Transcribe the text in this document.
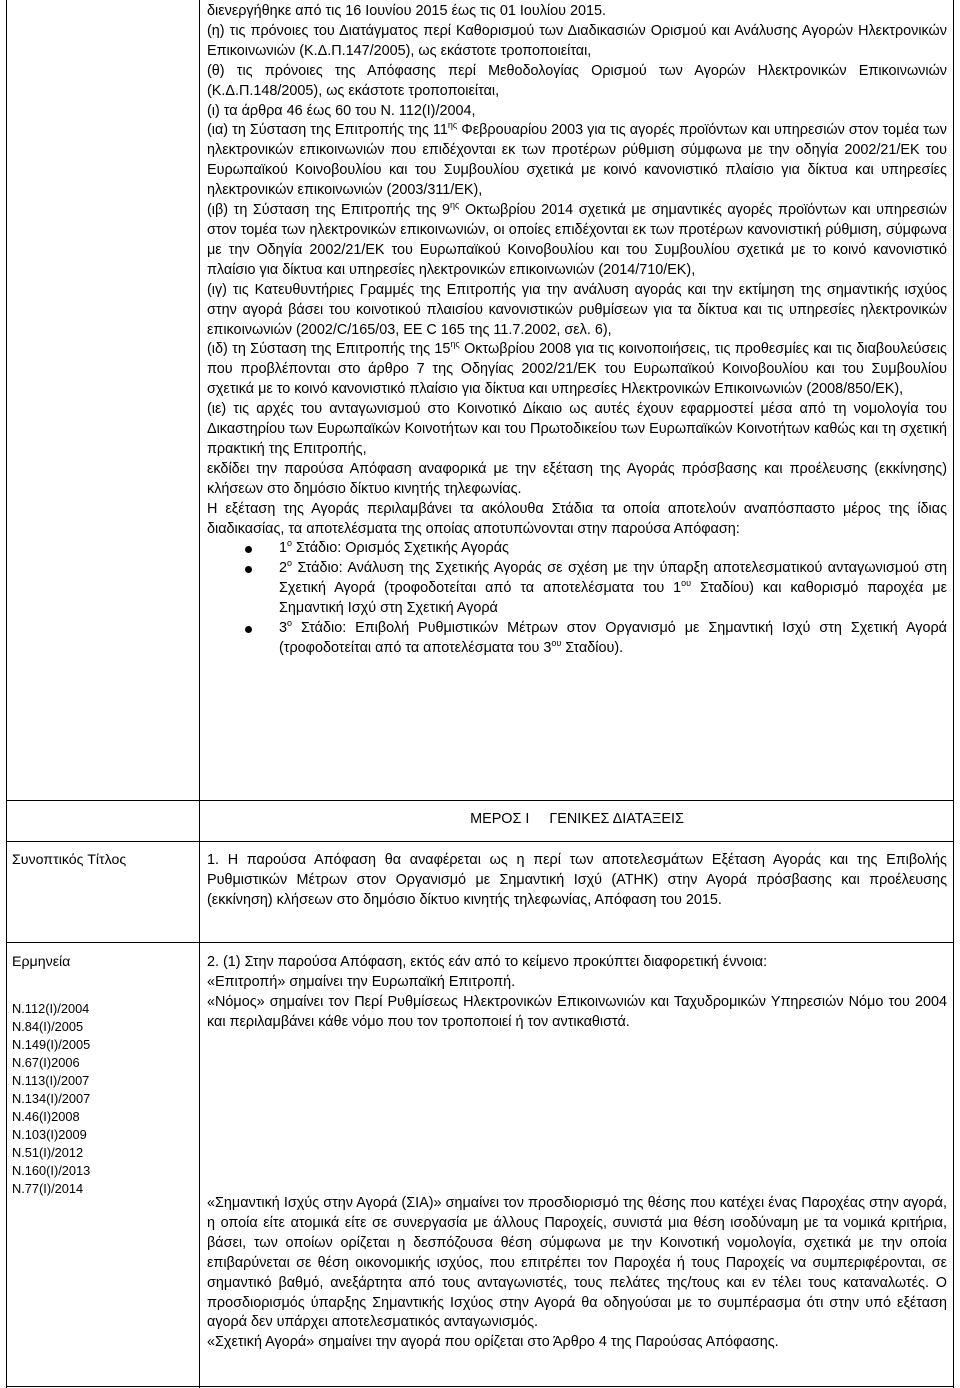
διενεργήθηκε από τις 16 Ιουνίου 2015 έως τις 01 Ιουλίου 2015.

(η) τις πρόνοιες του Διατάγματος περί Καθορισμού των Διαδικασιών Ορισμού και Ανάλυσης Αγορών Ηλεκτρονικών Επικοινωνιών (Κ.Δ.Π.147/2005), ως εκάστοτε τροποποιείται,

(θ) τις πρόνοιες της Απόφασης περί Μεθοδολογίας Ορισμού των Αγορών Ηλεκτρονικών Επικοινωνιών (Κ.Δ.Π.148/2005), ως εκάστοτε τροποποιείται,

(ι) τα άρθρα 46 έως 60 του Ν. 112(Ι)/2004,

(ια) τη Σύσταση της Επιτροπής της $11^{\eta\varsigma}$ Φεβρουαρίου 2003 για τις αγορές προϊόντων και υπηρεσιών στον τομέα των ηλεκτρονικών επικοινωνιών που επιδέχονται εκ των προτέρων ρύθμιση σύμφωνα με την οδηγία 2002/21/ΕΚ του Ευρωπαϊκού Κοινοβουλίου και του Συμβουλίου σχετικά με κοινό κανονιστικό πλαίσιο για δίκτυα και υπηρεσίες ηλεκτρονικών επικοινωνιών (2003/311/ΕΚ),

(ιβ) τη Σύσταση της Επιτροπής της $9^{\eta\varsigma}$ Οκτωβρίου 2014 σχετικά με σημαντικές αγορές προϊόντων και υπηρεσιών στον τομέα των ηλεκτρονικών επικοινωνιών, οι οποίες επιδέχονται εκ των προτέρων κανονιστική ρύθμιση, σύμφωνα με την Οδηγία 2002/21/ΕΚ του Ευρωπαϊκού Κοινοβουλίου και του Συμβουλίου σχετικά με το κοινό κανονιστικό πλαίσιο για δίκτυα και υπηρεσίες ηλεκτρονικών επικοινωνιών (2014/710/ΕΚ),

(ιγ) τις Κατευθυντήριες Γραμμές της Επιτροπής για την ανάλυση αγοράς και την εκτίμηση της σημαντικής ισχύος στην αγορά βάσει του κοινοτικού πλαισίου κανονιστικών ρυθμίσεων για τα δίκτυα και τις υπηρεσίες ηλεκτρονικών επικοινωνιών (2002/C/165/03, ΕΕ C 165 της 11.7.2002, σελ. 6),

(ιδ) τη Σύσταση της Επιτροπής της $15^{\eta\varsigma}$ Οκτωβρίου 2008 για τις κοινοποιήσεις, τις προθεσμίες και τις διαβουλεύσεις που προβλέπονται στο άρθρο 7 της Οδηγίας 2002/21/ΕΚ του Ευρωπαϊκού Κοινοβουλίου και του Συμβουλίου σχετικά με το κοινό κανονιστικό πλαίσιο για δίκτυα και υπηρεσίες Ηλεκτρονικών Επικοινωνιών (2008/850/ΕΚ),

(ιε) τις αρχές του ανταγωνισμού στο Κοινοτικό Δίκαιο ως αυτές έχουν εφαρμοστεί μέσα από τη νομολογία του Δικαστηρίου των Ευρωπαϊκών Κοινοτήτων και του Πρωτοδικείου των Ευρωπαϊκών Κοινοτήτων καθώς και τη σχετική πρακτική της Επιτροπής,

εκδίδει την παρούσα Απόφαση αναφορικά με την εξέταση της Αγοράς πρόσβασης και προέλευσης (εκκίνησης) κλήσεων στο δημόσιο δίκτυο κινητής τηλεφωνίας.

Η εξέταση της Αγοράς περιλαμβάνει τα ακόλουθα Στάδια τα οποία αποτελούν αναπόσπαστο μέρος της ίδιας διαδικασίας, τα αποτελέσματα της οποίας αποτυπώνονται στην παρούσα Απόφαση:

$1^o$ Στάδιο: Ορισμός Σχετικής Αγοράς
$2^o$ Στάδιο: Ανάλυση της Σχετικής Αγοράς σε σχέση με την ύπαρξη αποτελεσματικού ανταγωνισμού στη Σχετική Αγορά (τροφοδοτείται από τα αποτελέσματα του $1^{o\upsilon}$ Σταδίου) και καθορισμό παροχέα με Σημαντική Ισχύ στη Σχετική Αγορά
$3^o$ Στάδιο: Επιβολή Ρυθμιστικών Μέτρων στον Οργανισμό με Σημαντική Ισχύ στη Σχετική Αγορά (τροφοδοτείται από τα αποτελέσματα του $3^{o\upsilon}$ Σταδίου).
ΜΕΡΟΣ Ι     ΓΕΝΙΚΕΣ ΔΙΑΤΑΞΕΙΣ
Συνοπτικός Τίτλος
Ερμηνεία
Ν.112(Ι)/2004
Ν.84(Ι)/2005
Ν.149(Ι)/2005
Ν.67(Ι)2006
Ν.113(Ι)/2007
Ν.134(Ι)/2007
Ν.46(Ι)2008
Ν.103(Ι)2009
Ν.51(Ι)/2012
Ν.160(Ι)/2013
Ν.77(Ι)/2014

1. Η παρούσα Απόφαση θα αναφέρεται ως η περί των αποτελεσμάτων Εξέταση Αγοράς και της Επιβολής Ρυθμιστικών Μέτρων στον Οργανισμό με Σημαντική Ισχύ (ΑΤΗΚ) στην Αγορά πρόσβασης και προέλευσης (εκκίνηση) κλήσεων στο δημόσιο δίκτυο κινητής τηλεφωνίας, Απόφαση του 2015.

2. (1) Στην παρούσα Απόφαση, εκτός εάν από το κείμενο προκύπτει διαφορετική έννοια:

«Επιτροπή» σημαίνει την Ευρωπαϊκή Επιτροπή.

«Νόμος» σημαίνει τον Περί Ρυθμίσεως Ηλεκτρονικών Επικοινωνιών και Ταχυδρομικών Υπηρεσιών Νόμο του 2004 και περιλαμβάνει κάθε νόμο που τον τροποποιεί ή τον αντικαθιστά.

«Σημαντική Ισχύς στην Αγορά (ΣΙΑ)» σημαίνει τον προσδιορισμό της θέσης που κατέχει ένας Παροχέας στην αγορά, η οποία είτε ατομικά είτε σε συνεργασία με άλλους Παροχείς, συνιστά μια θέση ισοδύναμη με τα νομικά κριτήρια, βάσει, των οποίων ορίζεται η δεσπόζουσα θέση σύμφωνα με την Κοινοτική νομολογία, σχετικά με την οποία επιβαρύνεται σε θέση οικονομικής ισχύος, που επιτρέπει τον Παροχέα ή τους Παροχείς να συμπεριφέρονται, σε σημαντικό βαθμό, ανεξάρτητα από τους ανταγωνιστές, τους πελάτες της/τους και εν τέλει τους καταναλωτές. Ο προσδιορισμός ύπαρξης Σημαντικής Ισχύος στην Αγορά θα οδηγούσαι με το συμπέρασμα ότι στην υπό εξέταση αγορά δεν υπάρχει αποτελεσματικός ανταγωνισμός.

«Σχετική Αγορά» σημαίνει την αγορά που ορίζεται στο Άρθρο 4 της Παρούσας Απόφασης.
